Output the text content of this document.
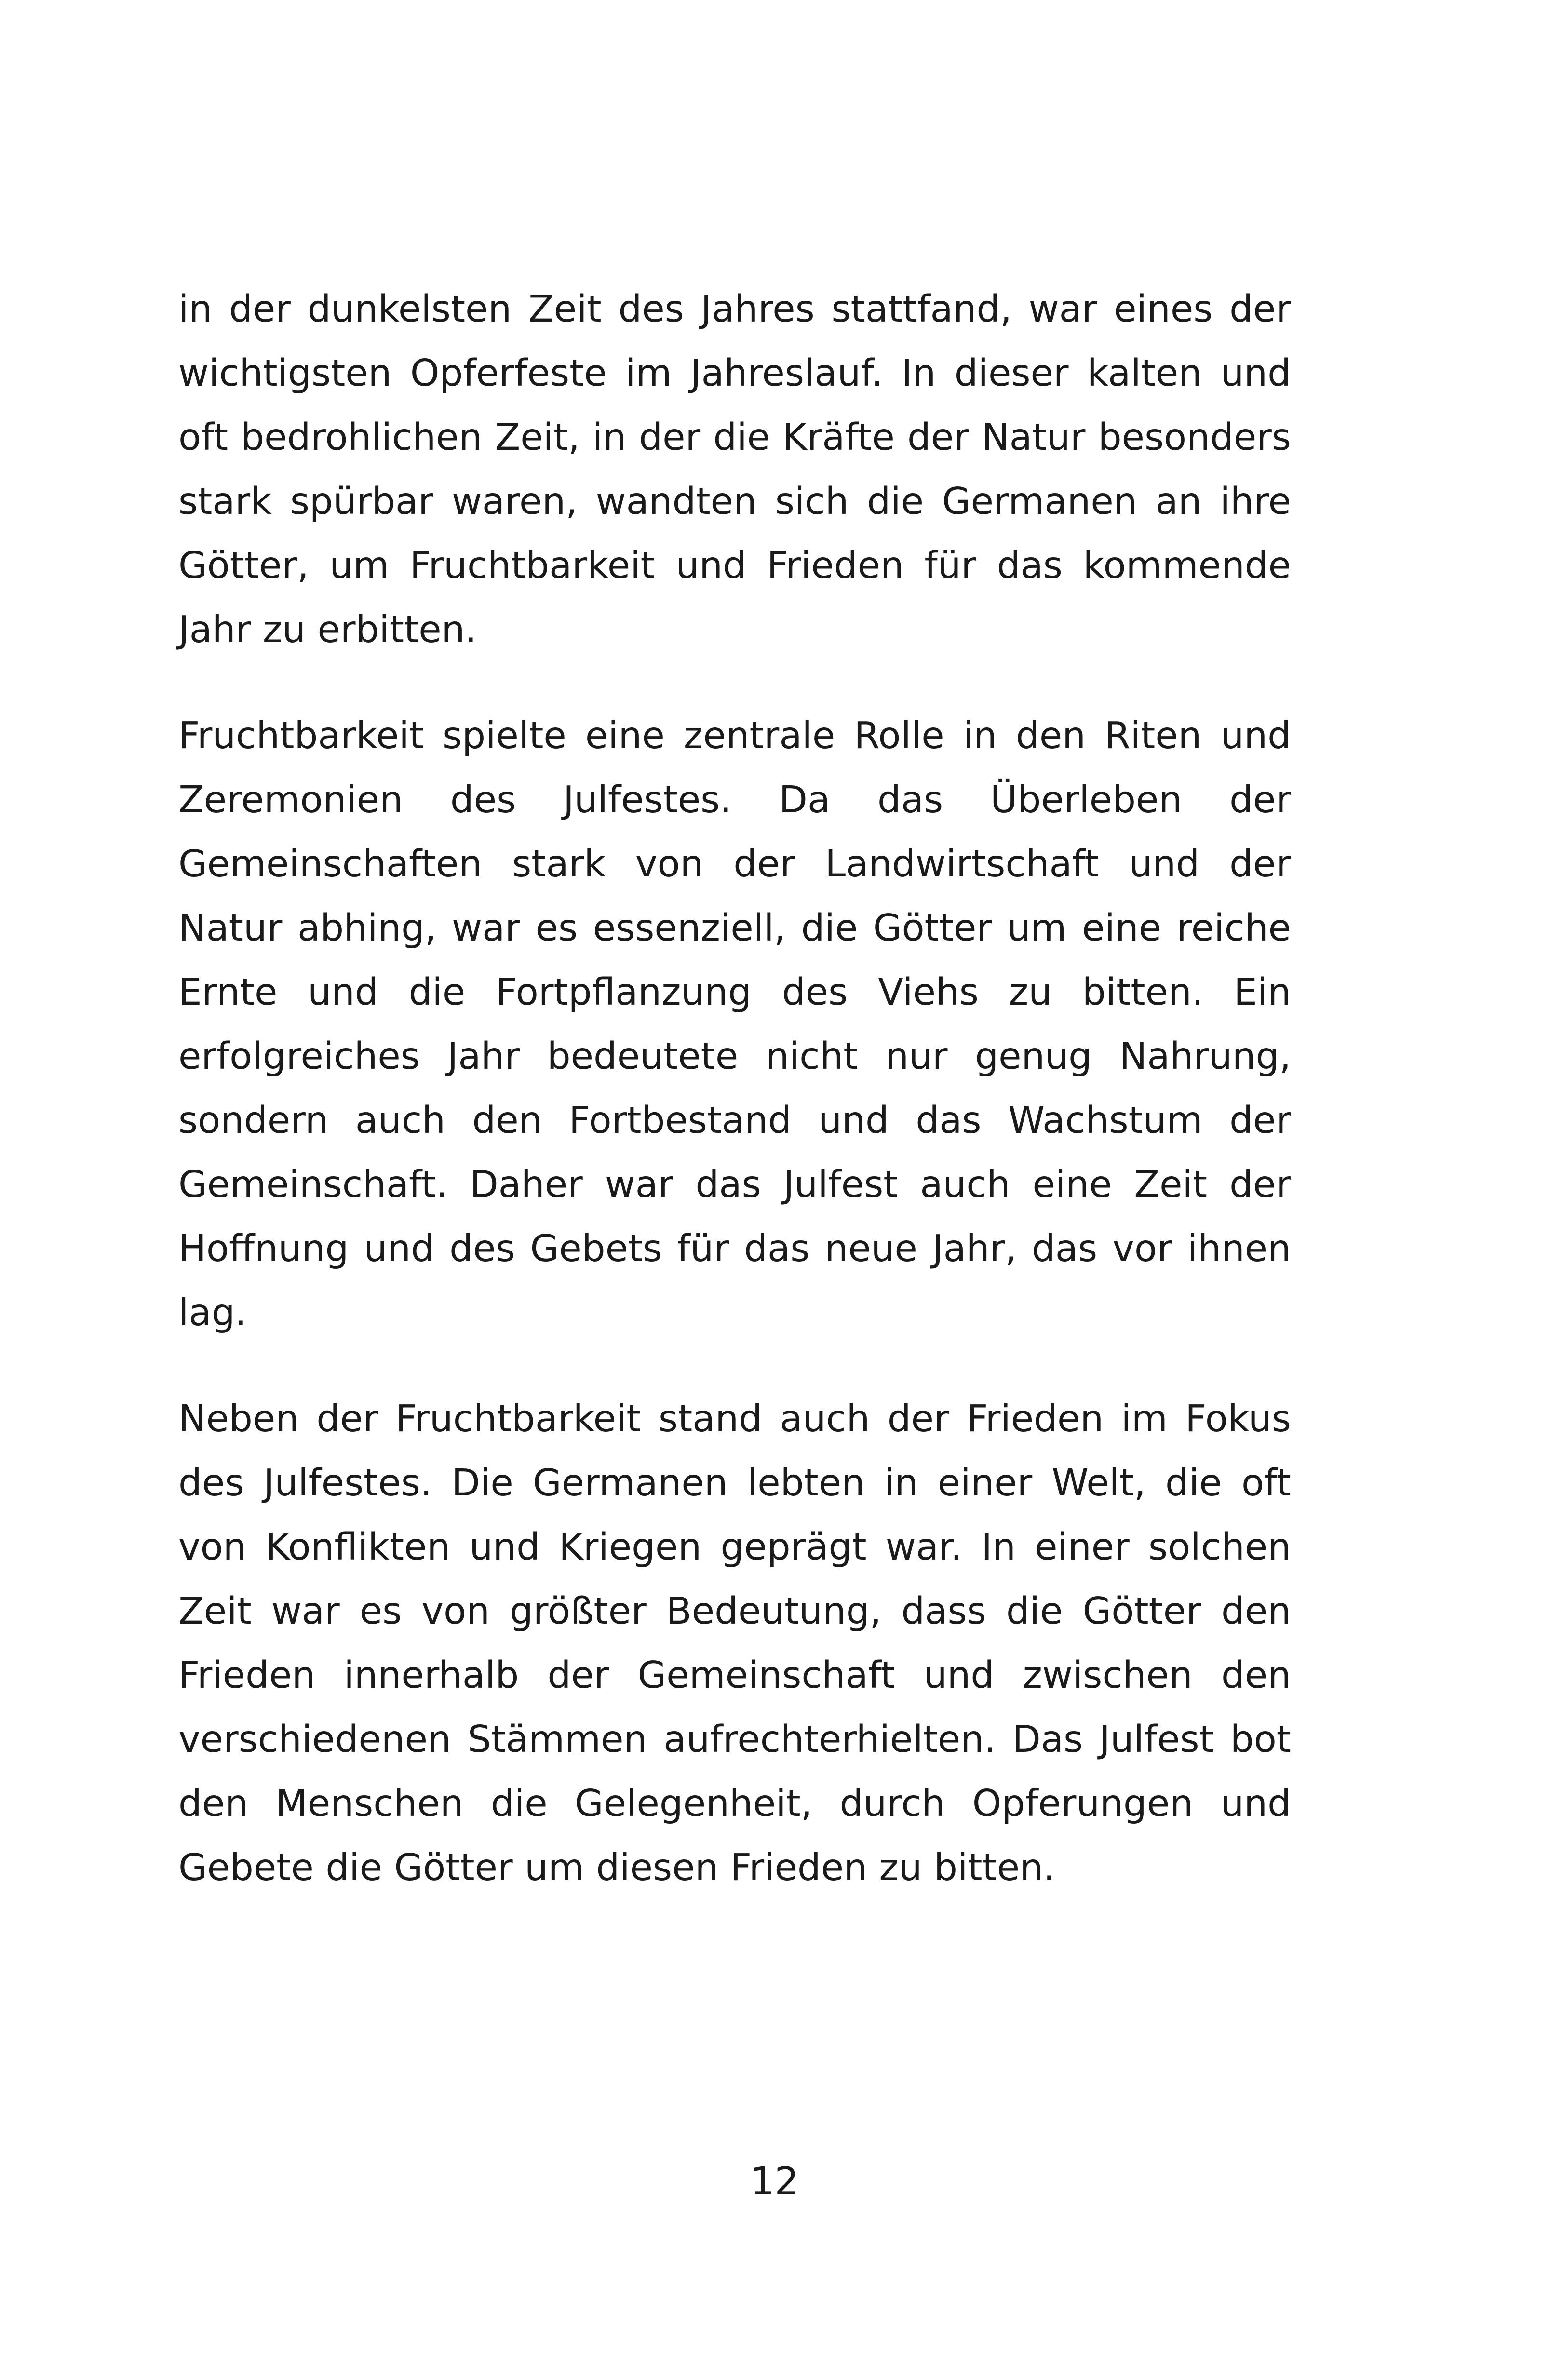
in der dunkelsten Zeit des Jahres stattfand, war eines der wichtigsten Opferfeste im Jahreslauf. In dieser kalten und oft bedrohlichen Zeit, in der die Kräfte der Natur besonders stark spürbar waren, wandten sich die Germanen an ihre Götter, um Fruchtbarkeit und Frieden für das kommende Jahr zu erbitten.

Fruchtbarkeit spielte eine zentrale Rolle in den Riten und Zeremonien des Julfestes. Da das Überleben der Gemeinschaften stark von der Landwirtschaft und der Natur abhing, war es essenziell, die Götter um eine reiche Ernte und die Fortpflanzung des Viehs zu bitten. Ein erfolgreiches Jahr bedeutete nicht nur genug Nahrung, sondern auch den Fortbestand und das Wachstum der Gemeinschaft. Daher war das Julfest auch eine Zeit der Hoffnung und des Gebets für das neue Jahr, das vor ihnen lag.

Neben der Fruchtbarkeit stand auch der Frieden im Fokus des Julfestes. Die Germanen lebten in einer Welt, die oft von Konflikten und Kriegen geprägt war. In einer solchen Zeit war es von größter Bedeutung, dass die Götter den Frieden innerhalb der Gemeinschaft und zwischen den verschiedenen Stämmen aufrechterhielten. Das Julfest bot den Menschen die Gelegenheit, durch Opferungen und Gebete die Götter um diesen Frieden zu bitten.

12
